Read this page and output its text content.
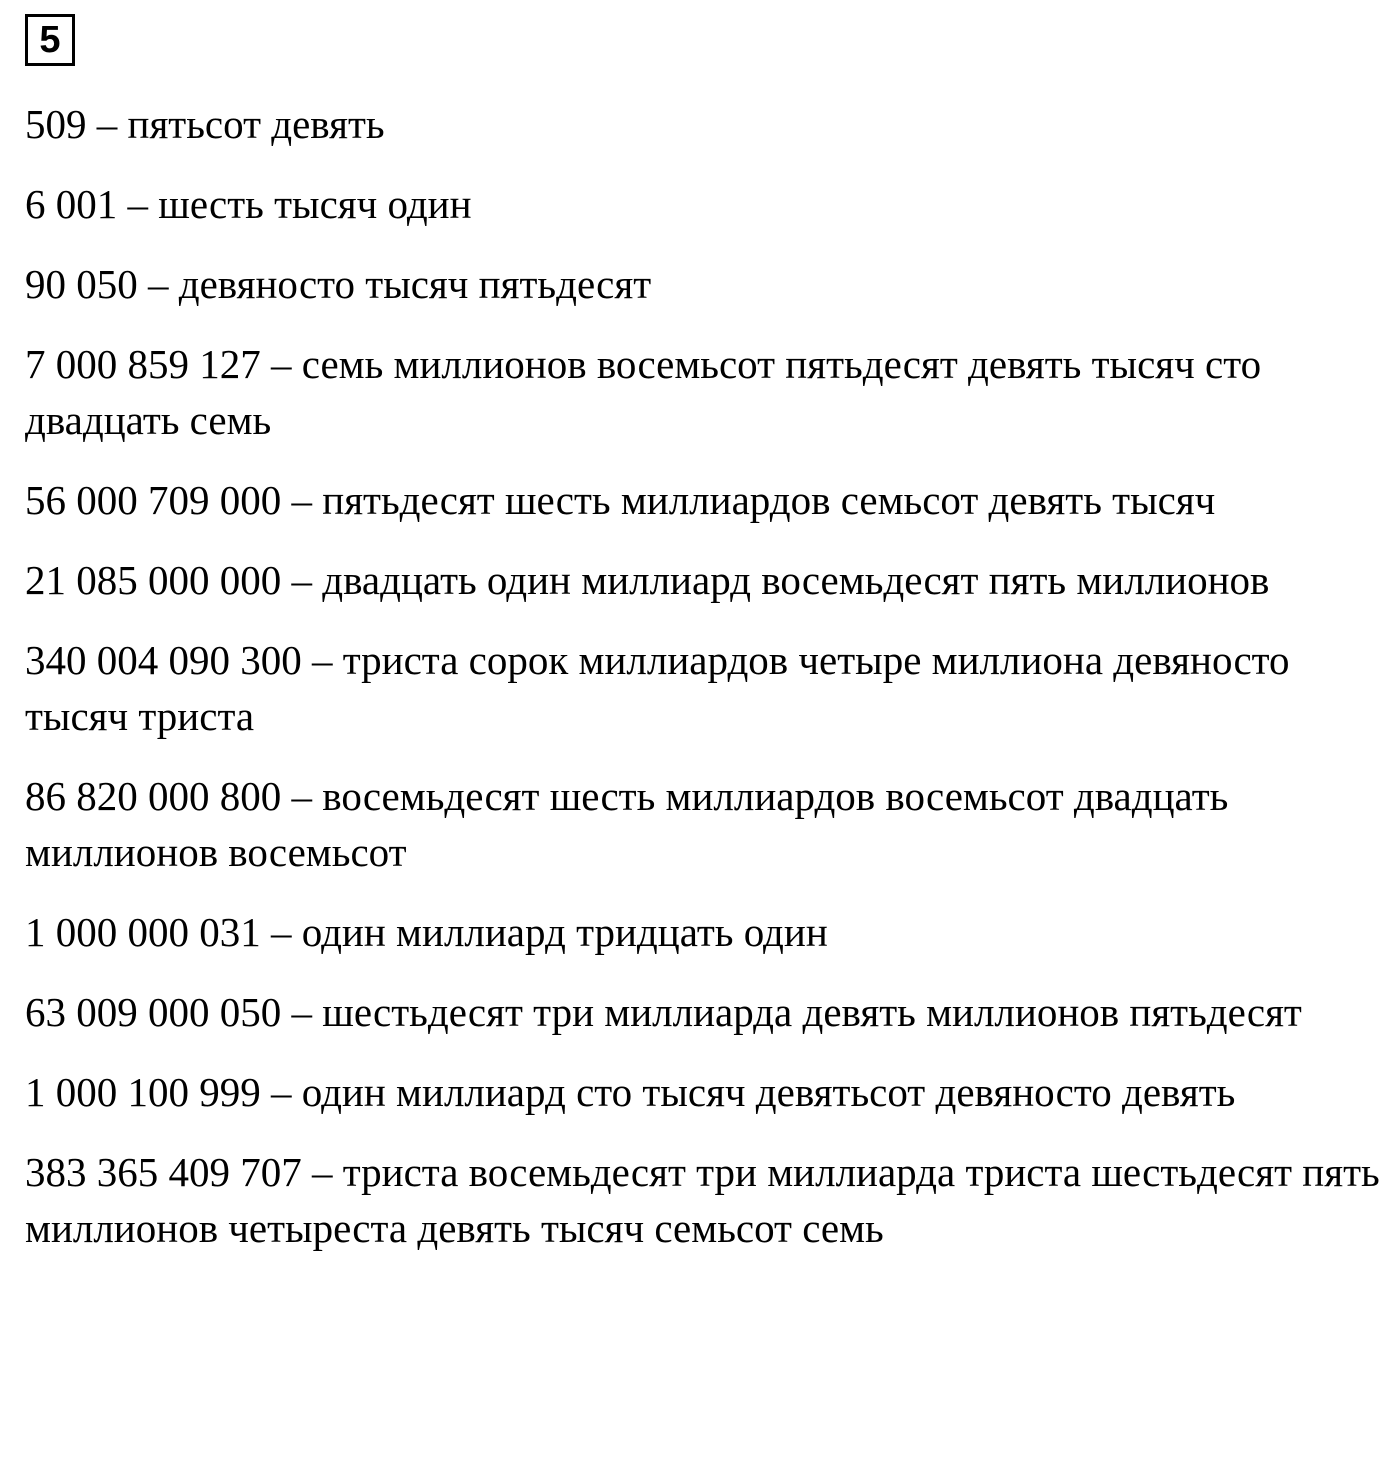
5

509 – пятьсот девять

6 001 – шесть тысяч один

90 050 – девяносто тысяч пятьдесят

7 000 859 127 – семь миллионов восемьсот пятьдесят девять тысяч сто двадцать семь

56 000 709 000 – пятьдесят шесть миллиардов семьсот девять тысяч

21 085 000 000 – двадцать один миллиард восемьдесят пять миллионов

340 004 090 300 – триста сорок миллиардов четыре миллиона девяносто тысяч триста

86 820 000 800 – восемьдесят шесть миллиардов восемьсот двадцать миллионов восемьсот

1 000 000 031 – один миллиард тридцать один

63 009 000 050 – шестьдесят три миллиарда девять миллионов пятьдесят

1 000 100 999 – один миллиард сто тысяч девятьсот девяносто девять

383 365 409 707 – триста восемьдесят три миллиарда триста шестьдесят пять миллионов четыреста девять тысяч семьсот семь
